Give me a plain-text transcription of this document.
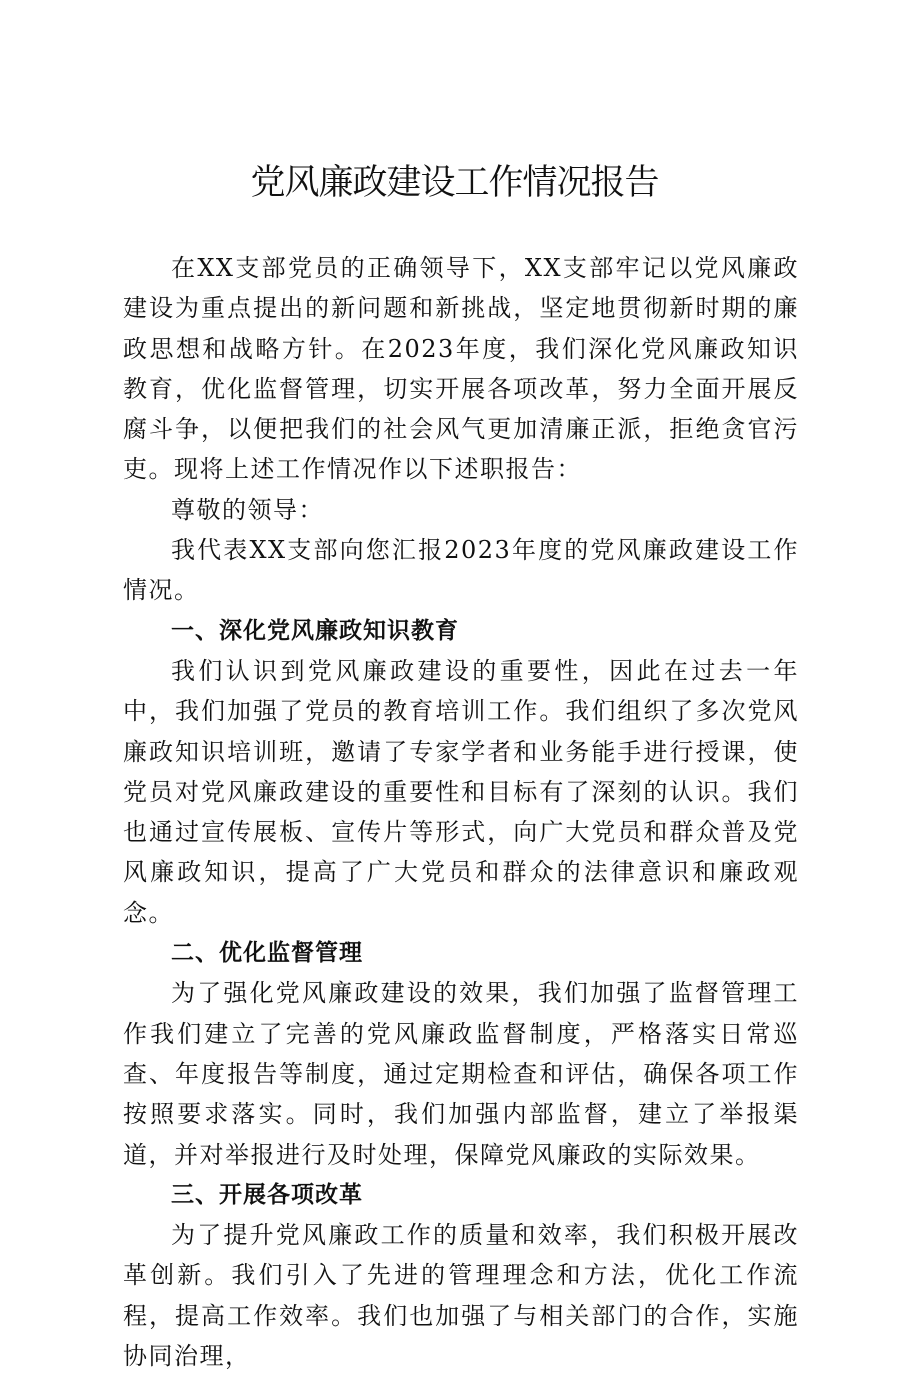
党风廉政建设工作情况报告

在XX支部党员的正确领导下，XX支部牢记以党风廉政建设为重点提出的新问题和新挑战，坚定地贯彻新时期的廉政思想和战略方针。在2023年度，我们深化党风廉政知识教育，优化监督管理，切实开展各项改革，努力全面开展反腐斗争，以便把我们的社会风气更加清廉正派，拒绝贪官污吏。现将上述工作情况作以下述职报告：

尊敬的领导：

我代表XX支部向您汇报2023年度的党风廉政建设工作情况。

一、深化党风廉政知识教育

我们认识到党风廉政建设的重要性，因此在过去一年中，我们加强了党员的教育培训工作。我们组织了多次党风廉政知识培训班，邀请了专家学者和业务能手进行授课，使党员对党风廉政建设的重要性和目标有了深刻的认识。我们也通过宣传展板、宣传片等形式，向广大党员和群众普及党风廉政知识，提高了广大党员和群众的法律意识和廉政观念。

二、优化监督管理

为了强化党风廉政建设的效果，我们加强了监督管理工作我们建立了完善的党风廉政监督制度，严格落实日常巡查、年度报告等制度，通过定期检查和评估，确保各项工作按照要求落实。同时，我们加强内部监督，建立了举报渠道，并对举报进行及时处理，保障党风廉政的实际效果。

三、开展各项改革

为了提升党风廉政工作的质量和效率，我们积极开展改革创新。我们引入了先进的管理理念和方法，优化工作流程，提高工作效率。我们也加强了与相关部门的合作，实施协同治理，
